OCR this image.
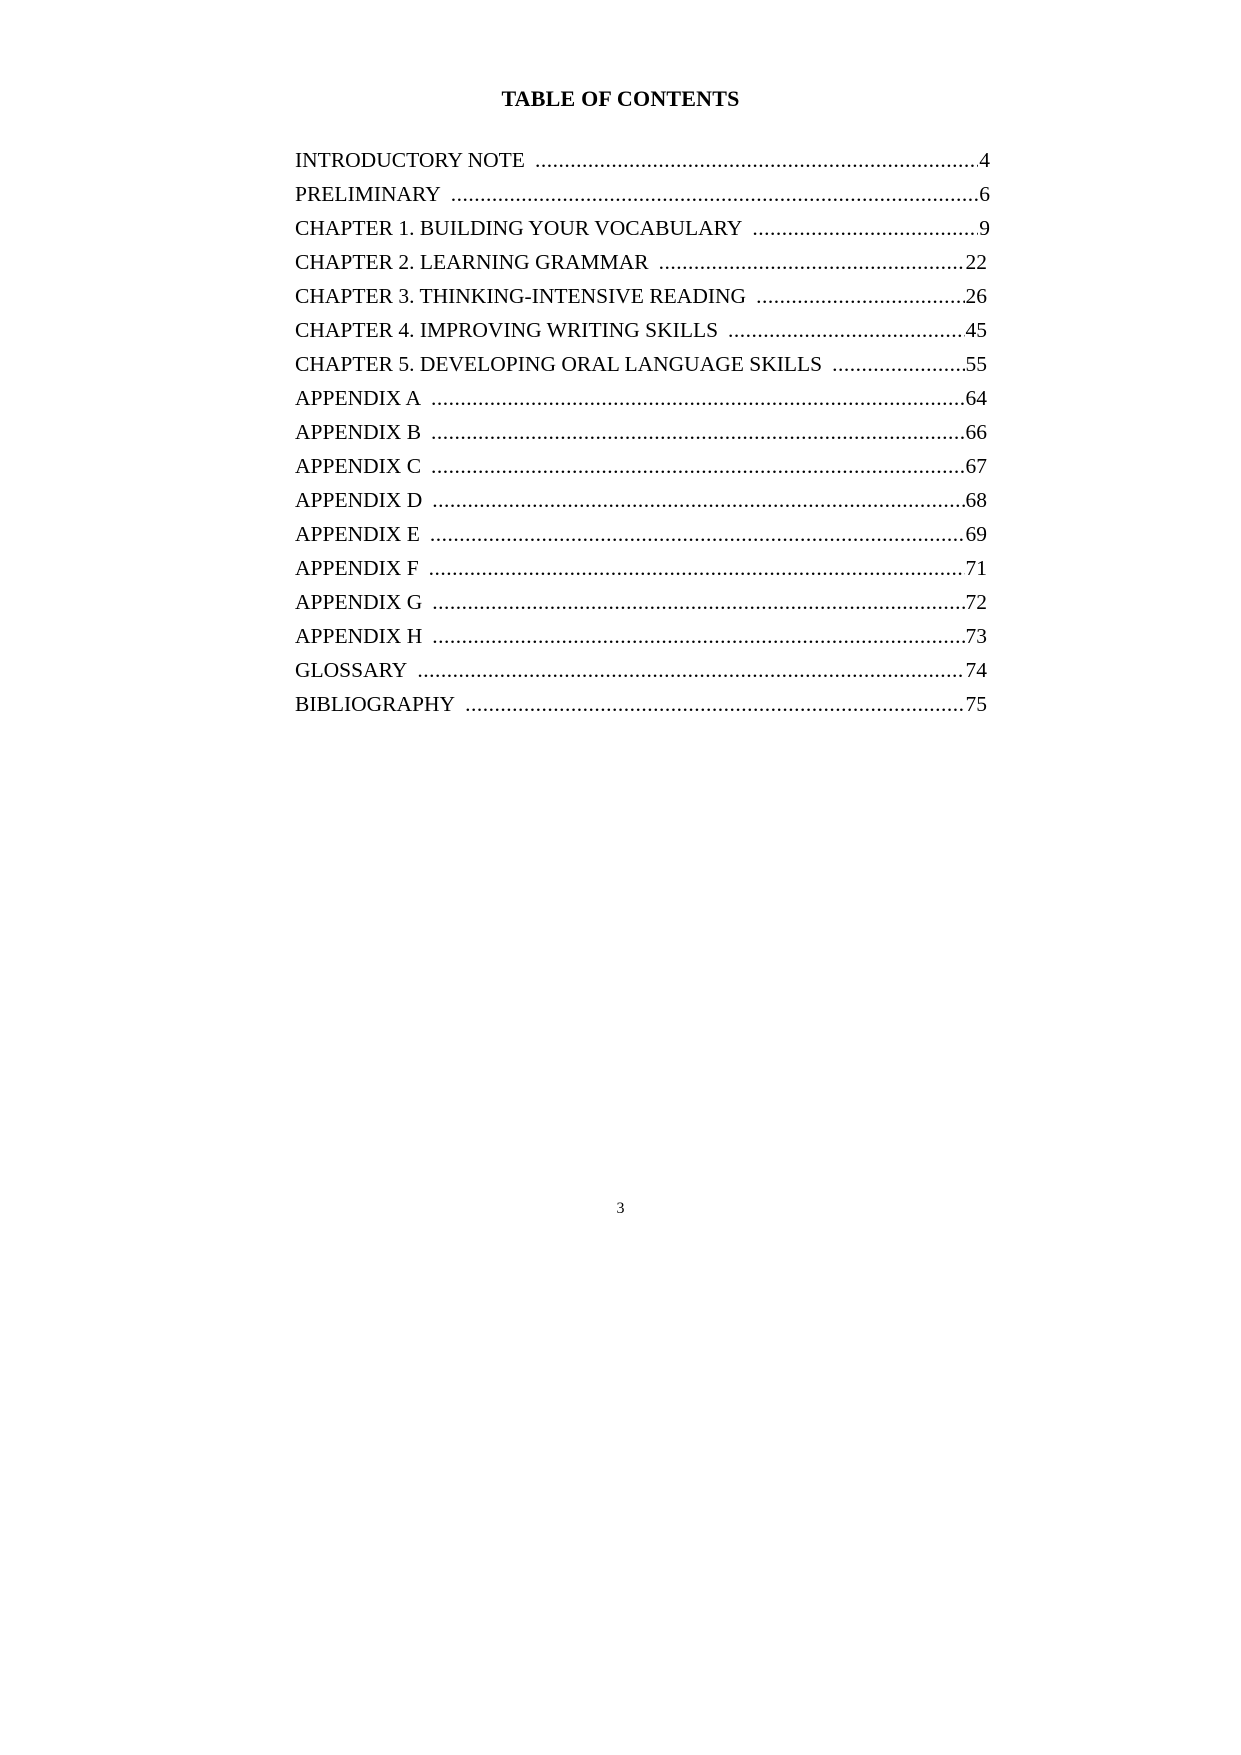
TABLE OF CONTENTS
INTRODUCTORY NOTE .....	4
PRELIMINARY .....	6
CHAPTER 1. BUILDING YOUR VOCABULARY .....	9
CHAPTER 2. LEARNING GRAMMAR .....	22
CHAPTER 3. THINKING-INTENSIVE READING .....	26
CHAPTER 4. IMPROVING WRITING SKILLS .....	45
CHAPTER 5. DEVELOPING ORAL LANGUAGE SKILLS .....	55
APPENDIX A .....	64
APPENDIX B .....	66
APPENDIX C .....	67
APPENDIX D .....	68
APPENDIX E .....	69
APPENDIX F .....	71
APPENDIX G .....	72
APPENDIX H .....	73
GLOSSARY .....	74
BIBLIOGRAPHY .....	75
3
